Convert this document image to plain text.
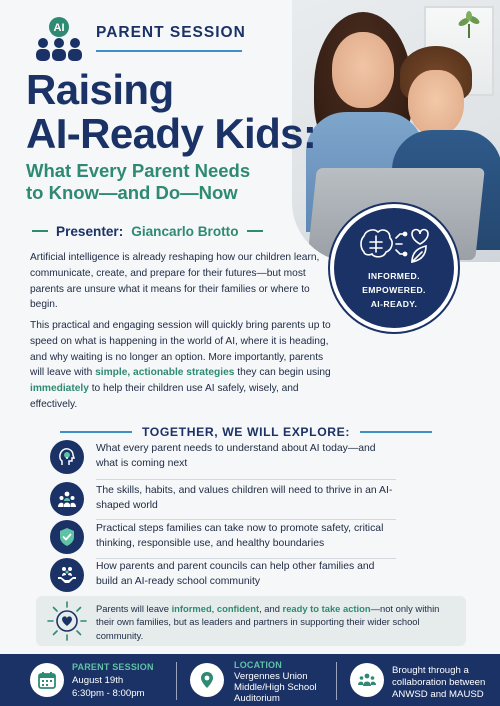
AI PARENT SESSION
Raising
AI-Ready Kids:
What Every Parent Needs
to Know—and Do—Now
Presenter: Giancarlo Brotto
INFORMED.
EMPOWERED.
AI-READY.

Artificial intelligence is already reshaping how our children learn, communicate, create, and prepare for their futures—but most parents are unsure what it means for their families or where to begin.

This practical and engaging session will quickly bring parents up to speed on what is happening in the world of AI, where it is heading, and why waiting is no longer an option. More importantly, parents will leave with simple, actionable strategies they can begin using immediately to help their children use AI safely, wisely, and effectively.

TOGETHER, WE WILL EXPLORE:
What every parent needs to understand about AI today—and what is coming next
The skills, habits, and values children will need to thrive in an AI-shaped world
Practical steps families can take now to promote safety, critical thinking, responsible use, and healthy boundaries
How parents and parent councils can help other families and build an AI-ready school community

Parents will leave informed, confident, and ready to take action—not only within their own families, but as leaders and partners in supporting their wider school community.

PARENT SESSION
August 19th
6:30pm - 8:00pm
LOCATION
Vergennes Union
Middle/High School
Auditorium
Brought through a
collaboration between
ANWSD and MAUSD
